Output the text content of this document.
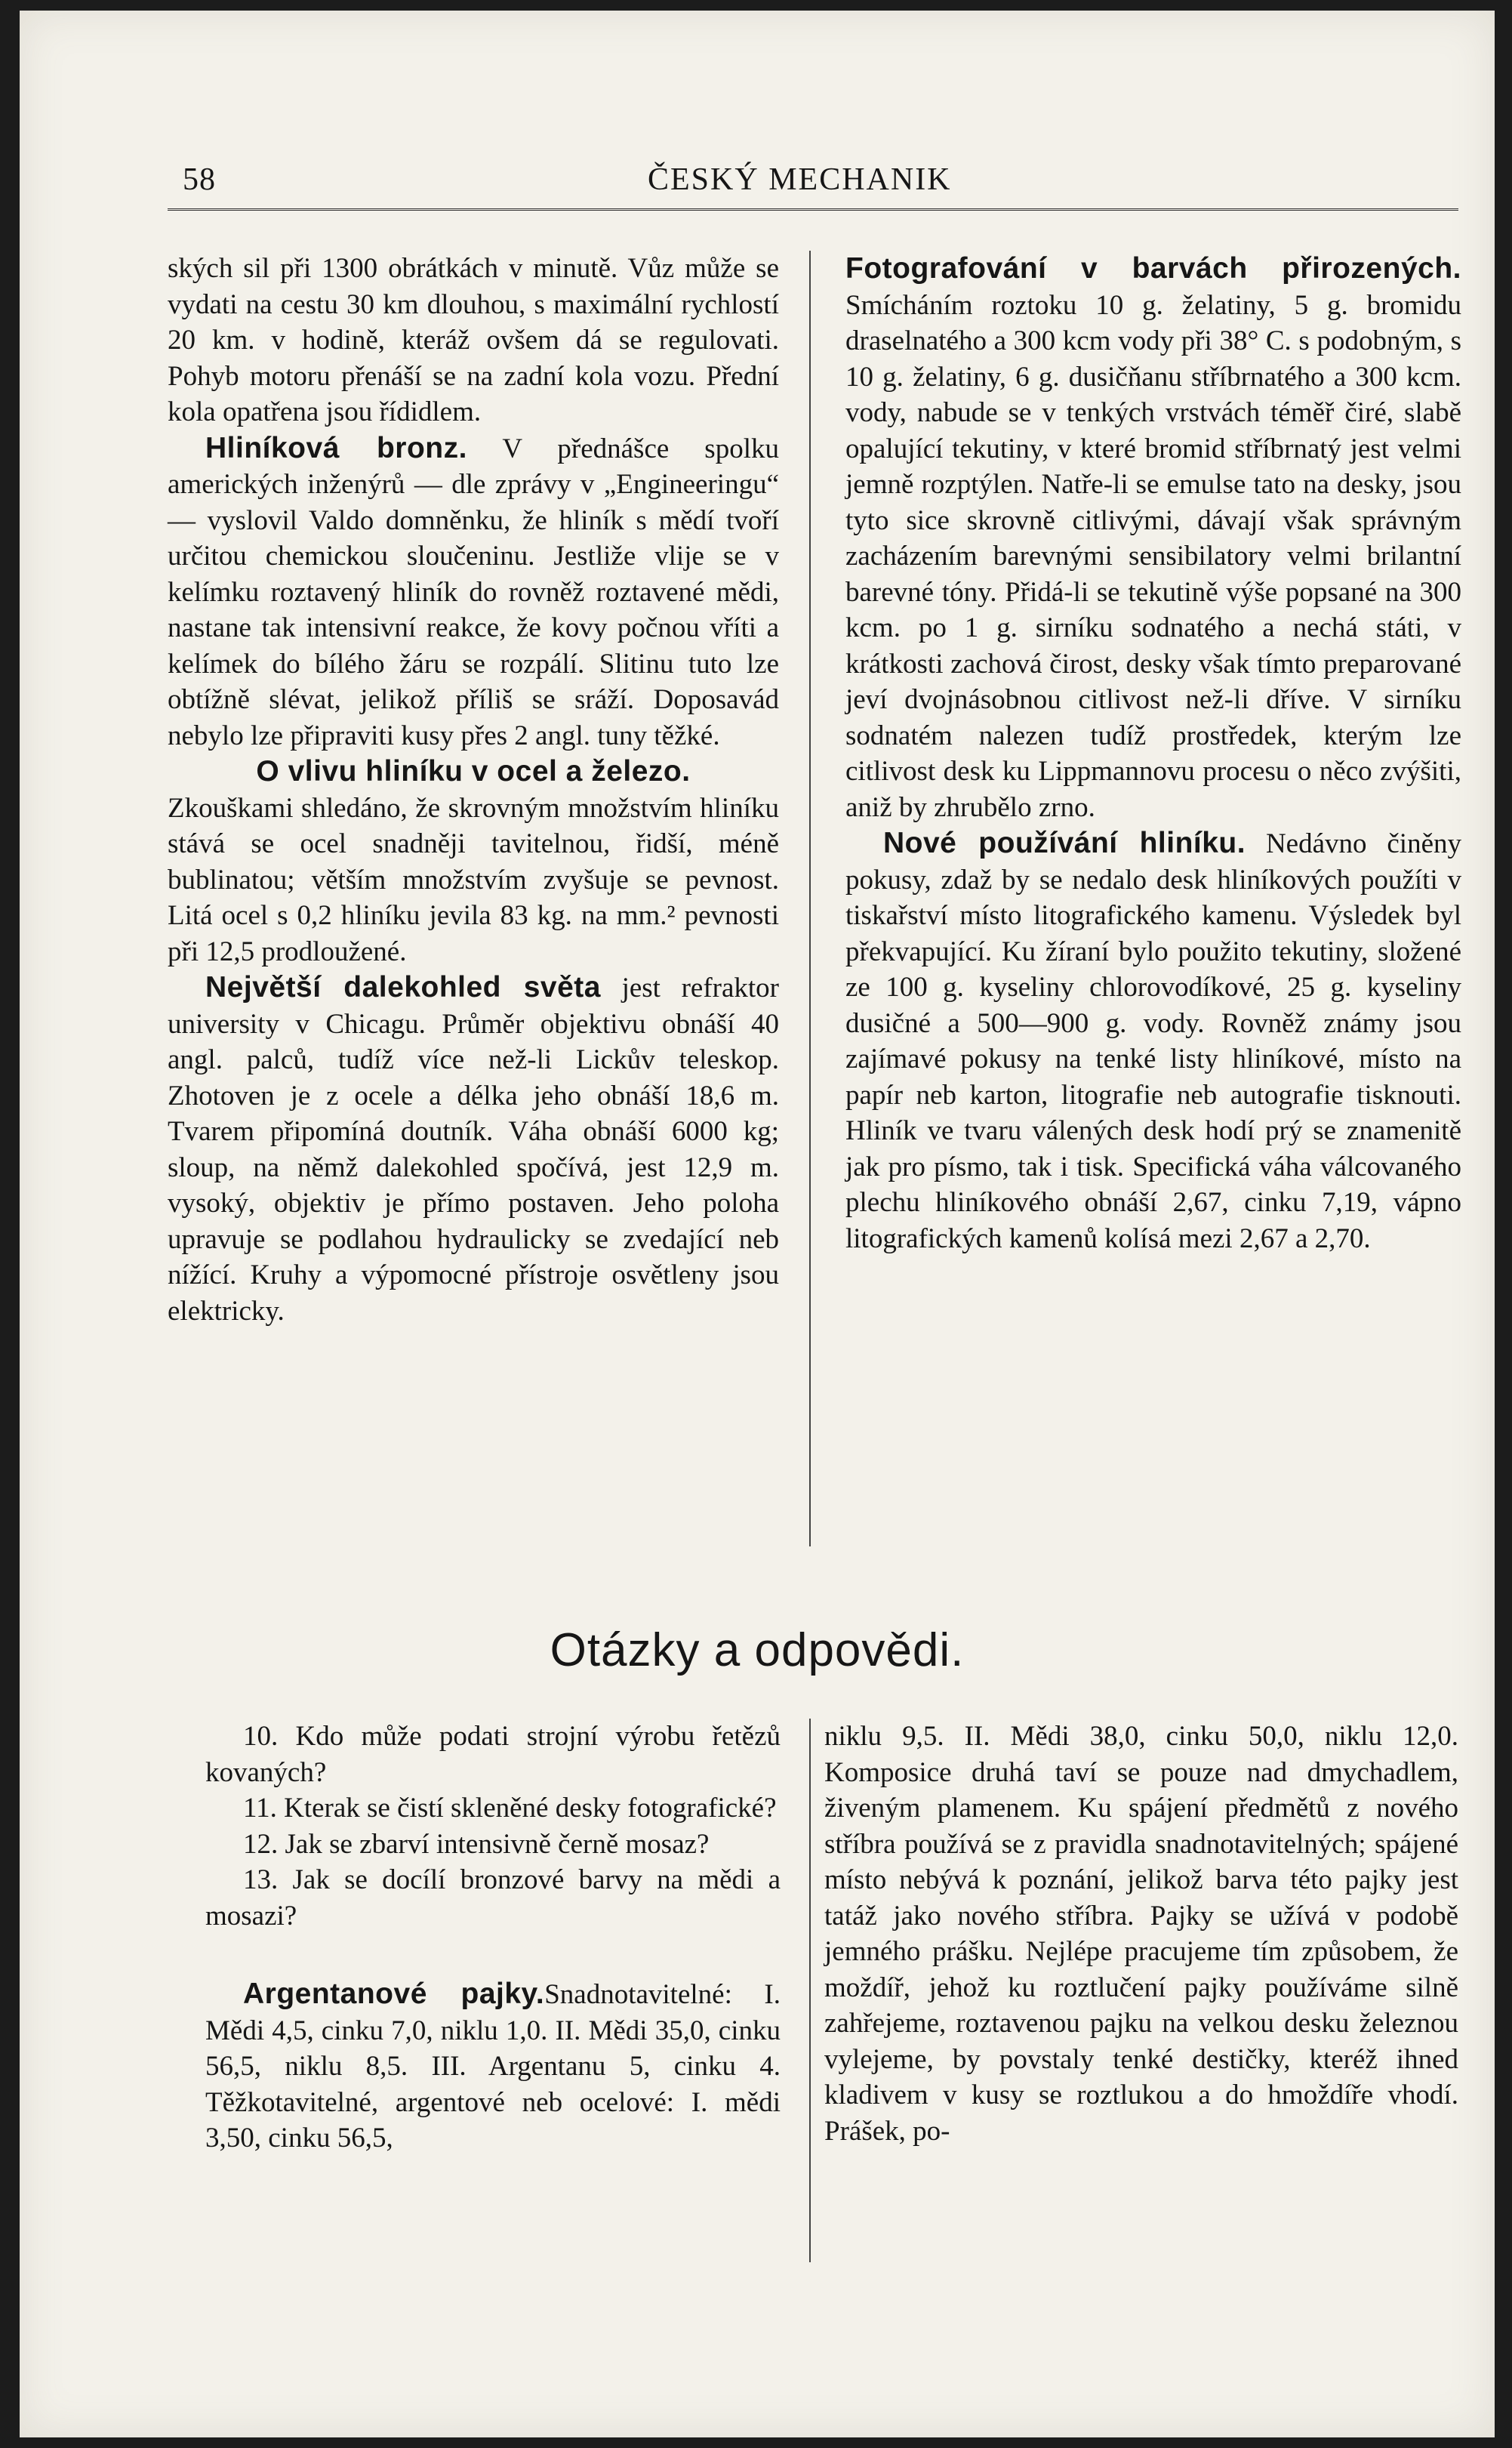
58	ČESKÝ MECHANIK

ských sil při 1300 obrátkách v minutě. Vůz může se vydati na cestu 30 km dlouhou, s maximální rychlostí 20 km. v hodině, kteráž ovšem dá se regulovati. Pohyb motoru přenáší se na zadní kola vozu. Přední kola opatřena jsou řídidlem.

Hliníková bronz. V přednášce spolku amerických inženýrů — dle zprávy v „Engineeringu“ — vyslovil Valdo domněnku, že hliník s mědí tvoří určitou chemickou sloučeninu. Jestliže vlije se v kelímku roztavený hliník do rovněž roztavené mědi, nastane tak intensivní reakce, že kovy počnou vříti a kelímek do bílého žáru se rozpálí. Slitinu tuto lze obtížně slévat, jelikož příliš se sráží. Doposavád nebylo lze připraviti kusy přes 2 angl. tuny těžké.

O vlivu hliníku v ocel a železo.

Zkouškami shledáno, že skrovným množstvím hliníku stává se ocel snadněji tavitelnou, řidší, méně bublinatou; větším množstvím zvyšuje se pevnost. Litá ocel s 0,2 hliníku jevila 83 kg. na mm.² pevnosti při 12,5 prodloužené.

Největší dalekohled světa jest refraktor university v Chicagu. Průměr objektivu obnáší 40 angl. palců, tudíž více než-li Lickův teleskop. Zhotoven je z ocele a délka jeho obnáší 18,6 m. Tvarem připomíná doutník. Váha obnáší 6000 kg; sloup, na němž dalekohled spočívá, jest 12,9 m. vysoký, objektiv je přímo postaven. Jeho poloha upravuje se podlahou hydraulicky se zvedající neb nížící. Kruhy a výpomocné přístroje osvětleny jsou elektricky.

Fotografování v barvách přirozených. Smícháním roztoku 10 g. želatiny, 5 g. bromidu draselnatého a 300 kcm vody při 38° C. s podobným, s 10 g. želatiny, 6 g. dusičňanu stříbrnatého a 300 kcm. vody, nabude se v tenkých vrstvách téměř čiré, slabě opalující tekutiny, v které bromid stříbrnatý jest velmi jemně rozptýlen. Natře-li se emulse tato na desky, jsou tyto sice skrovně citlivými, dávají však správným zacházením barevnými sensibilatory velmi brilantní barevné tóny. Přidá-li se tekutině výše popsané na 300 kcm. po 1 g. sirníku sodnatého a nechá státi, v krátkosti zachová čirost, desky však tímto preparované jeví dvojnásobnou citlivost než-li dříve. V sirníku sodnatém nalezen tudíž prostředek, kterým lze citlivost desk ku Lippmannovu procesu o něco zvýšiti, aniž by zhrubělo zrno.

Nové používání hliníku. Nedávno činěny pokusy, zdaž by se nedalo desk hliníkových použíti v tiskařství místo litografického kamenu. Výsledek byl překvapující. Ku žíraní bylo použito tekutiny, složené ze 100 g. kyseliny chlorovodíkové, 25 g. kyseliny dusičné a 500—900 g. vody. Rovněž známy jsou zajímavé pokusy na tenké listy hliníkové, místo na papír neb karton, litografie neb autografie tisknouti. Hliník ve tvaru válených desk hodí prý se znamenitě jak pro písmo, tak i tisk. Specifická váha válcovaného plechu hliníkového obnáší 2,67, cinku 7,19, vápno litografických kamenů kolísá mezi 2,67 a 2,70.

Otázky a odpovědi.

10. Kdo může podati strojní výrobu řetězů kovaných?

11. Kterak se čistí skleněné desky fotografické?

12. Jak se zbarví intensivně černě mosaz?

13. Jak se docílí bronzové barvy na mědi a mosazi?

Argentanové pajky.Snadnotavitelné: I. Mědi 4,5, cinku 7,0, niklu 1,0. II. Mědi 35,0, cinku 56,5, niklu 8,5. III. Argentanu 5, cinku 4. Těžkotavitelné, argentové neb ocelové: I. mědi 3,50, cinku 56,5,

niklu 9,5. II. Mědi 38,0, cinku 50,0, niklu 12,0. Komposice druhá taví se pouze nad dmychadlem, živeným plamenem. Ku spájení předmětů z nového stříbra používá se z pravidla snadnotavitelných; spájené místo nebývá k poznání, jelikož barva této pajky jest tatáž jako nového stříbra. Pajky se užívá v podobě jemného prášku. Nejlépe pracujeme tím způsobem, že moždíř, jehož ku roztlučení pajky používáme silně zahřejeme, roztavenou pajku na velkou desku železnou vylejeme, by povstaly tenké destičky, kteréž ihned kladivem v kusy se roztlukou a do hmoždíře vhodí. Prášek, po-
